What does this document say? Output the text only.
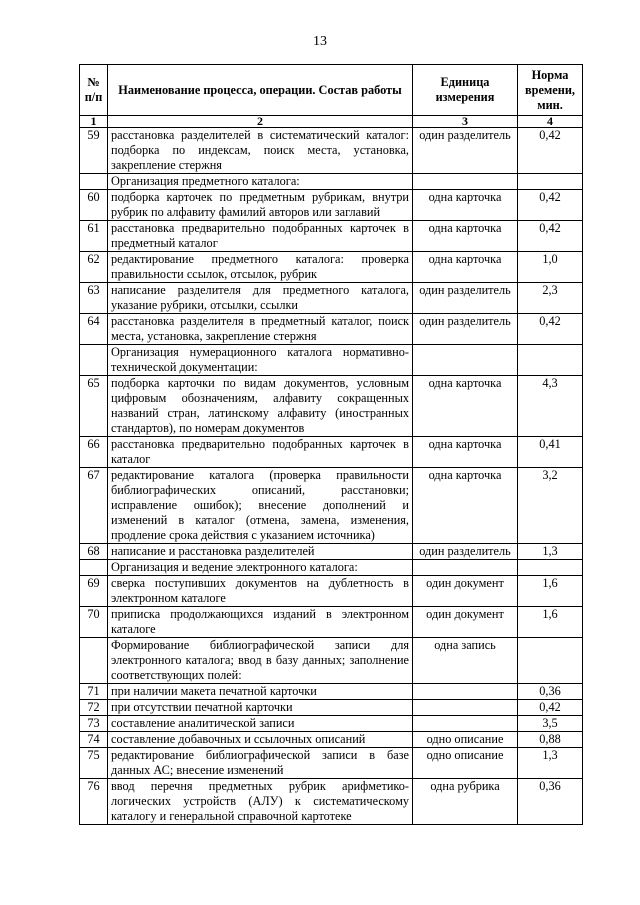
13
№ п/п	Наименование процесса, операции. Состав работы	Единица измерения	Норма времени, мин.
1	2	3	4
59	расстановка разделителей в систематический каталог: подборка по индексам, поиск места, установка, закрепление стержня	один разделитель	0,42
	Организация предметного каталога:		
60	подборка карточек по предметным рубрикам, внутри рубрик по алфавиту фамилий авторов или заглавий	одна карточка	0,42
61	расстановка предварительно подобранных карточек в предметный каталог	одна карточка	0,42
62	редактирование предметного каталога: проверка правильности ссылок, отсылок, рубрик	одна карточка	1,0
63	написание разделителя для предметного каталога, указание рубрики, отсылки, ссылки	один разделитель	2,3
64	расстановка разделителя в предметный каталог, поиск места, установка, закрепление стержня	один разделитель	0,42
	Организация нумерационного каталога нормативно-технической документации:		
65	подборка карточки по видам документов, условным цифровым обозначениям, алфавиту сокращенных названий стран, латинскому алфавиту (иностранных стандартов), по номерам документов	одна карточка	4,3
66	расстановка предварительно подобранных карточек в каталог	одна карточка	0,41
67	редактирование каталога (проверка правильности библиографических описаний, расстановки; исправление ошибок); внесение дополнений и изменений в каталог (отмена, замена, изменения, продление срока действия с указанием источника)	одна карточка	3,2
68	написание и расстановка разделителей	один разделитель	1,3
	Организация и ведение электронного каталога:		
69	сверка поступивших документов на дублетность в электронном каталоге	один документ	1,6
70	приписка продолжающихся изданий в электронном каталоге	один документ	1,6
	Формирование библиографической записи для электронного каталога; ввод в базу данных; заполнение соответствующих полей:	одна запись	
71	при наличии макета печатной карточки		0,36
72	при отсутствии печатной карточки		0,42
73	составление аналитической записи		3,5
74	составление добавочных и ссылочных описаний	одно описание	0,88
75	редактирование библиографической записи в базе данных АС; внесение изменений	одно описание	1,3
76	ввод перечня предметных рубрик арифметико-логических устройств (АЛУ) к систематическому каталогу и генеральной справочной картотеке	одна рубрика	0,36
